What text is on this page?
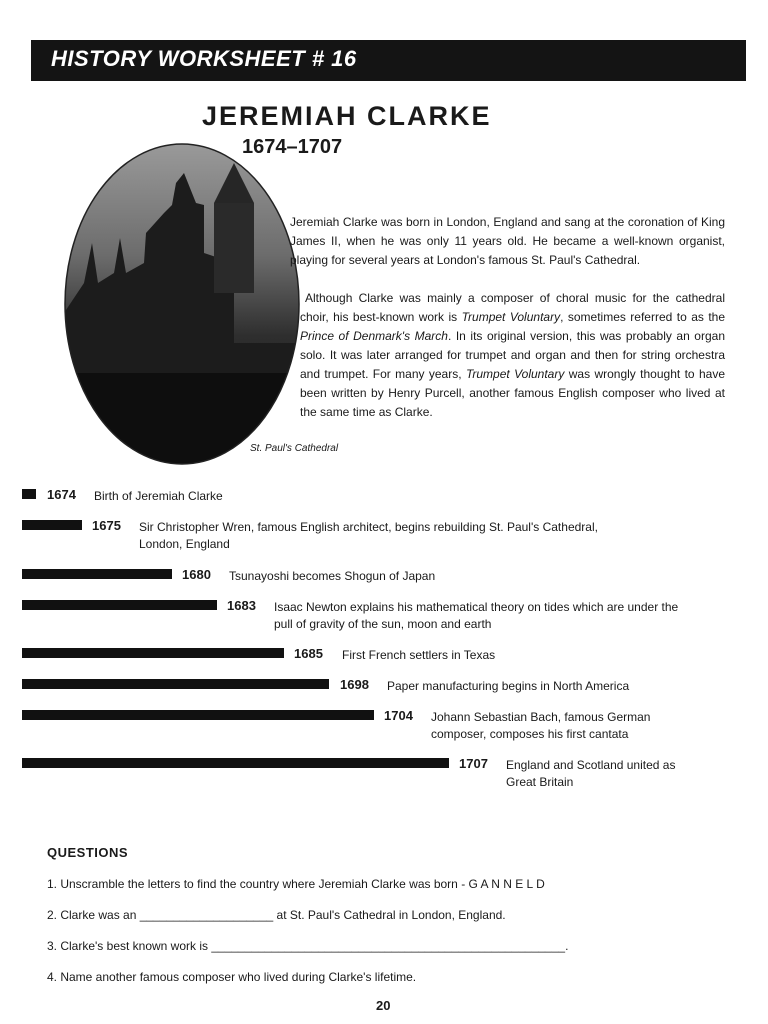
HISTORY WORKSHEET # 16
JEREMIAH CLARKE
1674–1707
St. Paul's Cathedral

Jeremiah Clarke was born in London, England and sang at the coronation of King James II, when he was only 11 years old. He became a well-known organist, playing for several years at London's famous St. Paul's Cathedral.

Although Clarke was mainly a composer of choral music for the cathedral choir, his best-known work is Trumpet Voluntary, sometimes referred to as the Prince of Denmark's March. In its original version, this was probably an organ solo. It was later arranged for trumpet and organ and then for string orchestra and trumpet. For many years, Trumpet Voluntary was wrongly thought to have been written by Henry Purcell, another famous English composer who lived at the same time as Clarke.

1674 Birth of Jeremiah Clarke
1675 Sir Christopher Wren, famous English architect, begins rebuilding St. Paul's Cathedral,
London, England
1680 Tsunayoshi becomes Shogun of Japan
1683 Isaac Newton explains his mathematical theory on tides which are under the
pull of gravity of the sun, moon and earth
1685 First French settlers in Texas
1698 Paper manufacturing begins in North America
1704 Johann Sebastian Bach, famous German
composer, composes his first cantata
1707 England and Scotland united as
Great Britain
QUESTIONS
1. Unscramble the letters to find the country where Jeremiah Clarke was born - G A N N E L D
2. Clarke was an ____________________ at St. Paul's Cathedral in London, England.
3. Clarke's best known work is _____________________________________________________.
4. Name another famous composer who lived during Clarke's lifetime.
20
